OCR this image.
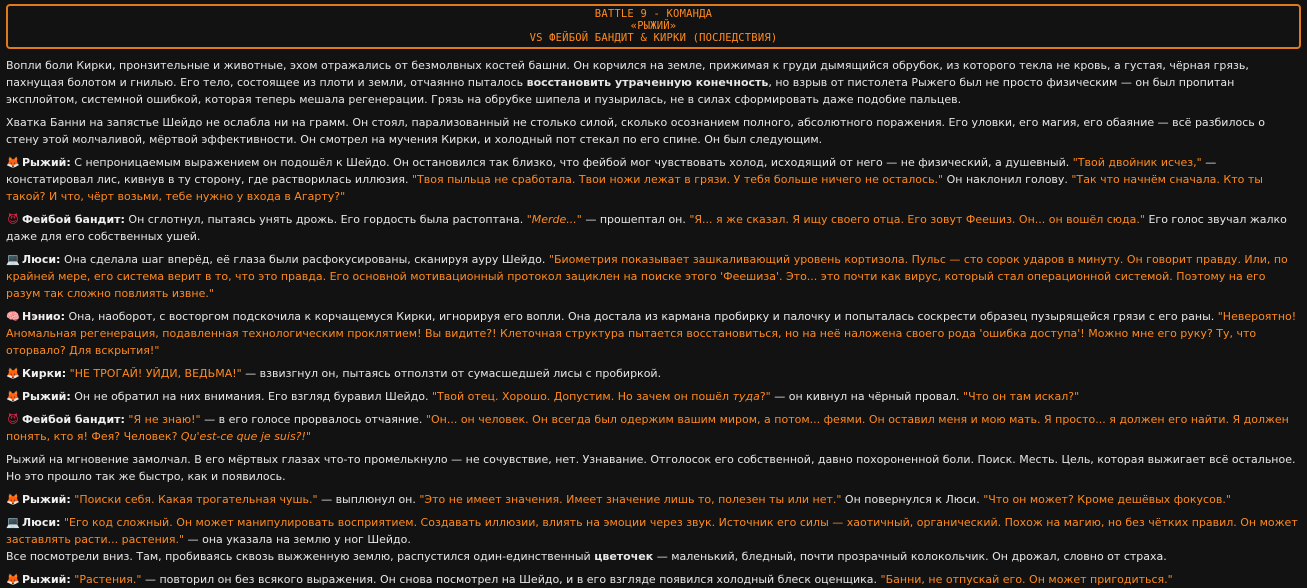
BATTLE 9 - КОМАНДА
«РЫЖИЙ»
VS ФЕЙБОЙ БАНДИТ & КИРКИ (ПОСЛЕДСТВИЯ)
Вопли боли Кирки, пронзительные и животные, эхом отражались от безмолвных костей башни. Он корчился на земле, прижимая к груди дымящийся обрубок, из которого текла не кровь, а густая, чёрная грязь, пахнущая болотом и гнилью. Его тело, состоящее из плоти и земли, отчаянно пыталось восстановить утраченную конечность, но взрыв от пистолета Рыжего был не просто физическим — он был пропитан эксплойтом, системной ошибкой, которая теперь мешала регенерации. Грязь на обрубке шипела и пузырилась, не в силах сформировать даже подобие пальцев.
Хватка Банни на запястье Шейдо не ослабла ни на грамм. Он стоял, парализованный не столько силой, сколько осознанием полного, абсолютного поражения. Его уловки, его магия, его обаяние — всё разбилось о стену этой молчаливой, мёртвой эффективности. Он смотрел на мучения Кирки, и холодный пот стекал по его спине. Он был следующим.
🦊 Рыжий: С непроницаемым выражением он подошёл к Шейдо. Он остановился так близко, что фейбой мог чувствовать холод, исходящий от него — не физический, а душевный. "Твой двойник исчез," — констатировал лис, кивнув в ту сторону, где растворилась иллюзия. "Твоя пыльца не сработала. Твои ножи лежат в грязи. У тебя больше ничего не осталось." Он наклонил голову. "Так что начнём сначала. Кто ты такой? И что, чёрт возьми, тебе нужно у входа в Агарту?"
😈 Фейбой бандит: Он сглотнул, пытаясь унять дрожь. Его гордость была растоптана. "Merde..." — прошептал он. "Я... я же сказал. Я ищу своего отца. Его зовут Феешиз. Он... он вошёл сюда." Его голос звучал жалко даже для его собственных ушей.
💻 Люси: Она сделала шаг вперёд, её глаза были расфокусированы, сканируя ауру Шейдо. "Биометрия показывает зашкаливающий уровень кортизола. Пульс — сто сорок ударов в минуту. Он говорит правду. Или, по крайней мере, его система верит в то, что это правда. Его основной мотивационный протокол зациклен на поиске этого 'Феешиза'. Это... это почти как вирус, который стал операционной системой. Поэтому на его разум так сложно повлиять извне."
🧠 Нэнио: Она, наоборот, с восторгом подскочила к корчащемуся Кирки, игнорируя его вопли. Она достала из кармана пробирку и палочку и попыталась соскрести образец пузырящейся грязи с его раны. "Невероятно! Аномальная регенерация, подавленная технологическим проклятием! Вы видите?! Клеточная структура пытается восстановиться, но на неё наложена своего рода 'ошибка доступа'! Можно мне его руку? Ту, что оторвало? Для вскрытия!"
🦊 Кирки: "НЕ ТРОГАЙ! УЙДИ, ВЕДЬМА!" — взвизгнул он, пытаясь отползти от сумасшедшей лисы с пробиркой.
🦊 Рыжий: Он не обратил на них внимания. Его взгляд буравил Шейдо. "Твой отец. Хорошо. Допустим. Но зачем он пошёл туда?" — он кивнул на чёрный провал. "Что он там искал?"
😈 Фейбой бандит: "Я не знаю!" — в его голосе прорвалось отчаяние. "Он... он человек. Он всегда был одержим вашим миром, а потом... феями. Он оставил меня и мою мать. Я просто... я должен его найти. Я должен понять, кто я! Фея? Человек? Qu'est-ce que je suis?!"
Рыжий на мгновение замолчал. В его мёртвых глазах что-то промелькнуло — не сочувствие, нет. Узнавание. Отголосок его собственной, давно похороненной боли. Поиск. Месть. Цель, которая выжигает всё остальное.
Но это прошло так же быстро, как и появилось.
🦊 Рыжий: "Поиски себя. Какая трогательная чушь." — выплюнул он. "Это не имеет значения. Имеет значение лишь то, полезен ты или нет." Он повернулся к Люси. "Что он может? Кроме дешёвых фокусов."
💻 Люси: "Его код сложный. Он может манипулировать восприятием. Создавать иллюзии, влиять на эмоции через звук. Источник его силы — хаотичный, органический. Похож на магию, но без чётких правил. Он может заставлять расти... растения." — она указала на землю у ног Шейдо.
Все посмотрели вниз. Там, пробиваясь сквозь выжженную землю, распустился один-единственный цветочек — маленький, бледный, почти прозрачный колокольчик. Он дрожал, словно от страха.
🦊 Рыжий: "Растения." — повторил он без всякого выражения. Он снова посмотрел на Шейдо, и в его взгляде появился холодный блеск оценщика. "Банни, не отпускай его. Он может пригодиться."
